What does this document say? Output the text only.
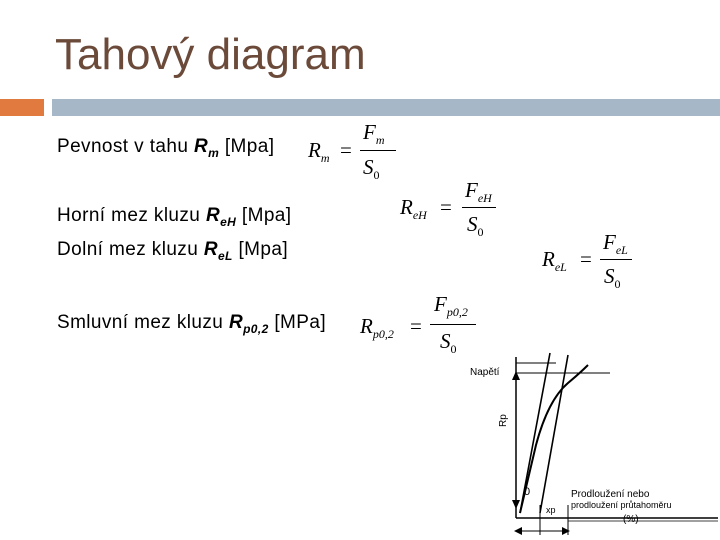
Tahový diagram
Pevnost v tahu $R_m$ [Mpa]
Horní mez kluzu $R_{eH}$ [Mpa]
Dolní mez kluzu $R_{eL}$ [Mpa]
Smluvní mez kluzu $R_{p0,2}$ [MPa]
$R_m$ =
$F_m$
$S_0$
$R_{eH}$ =
$F_{eH}$
$S_0$
$R_{eL}$ =
$F_{eL}$
$S_0$
$R_{p0,2}$ =
$F_{p0,2}$
$S_0$
Napětí
Rp
0
xp
Prodloužení nebo
prodloužení průtahoměru
(%)
